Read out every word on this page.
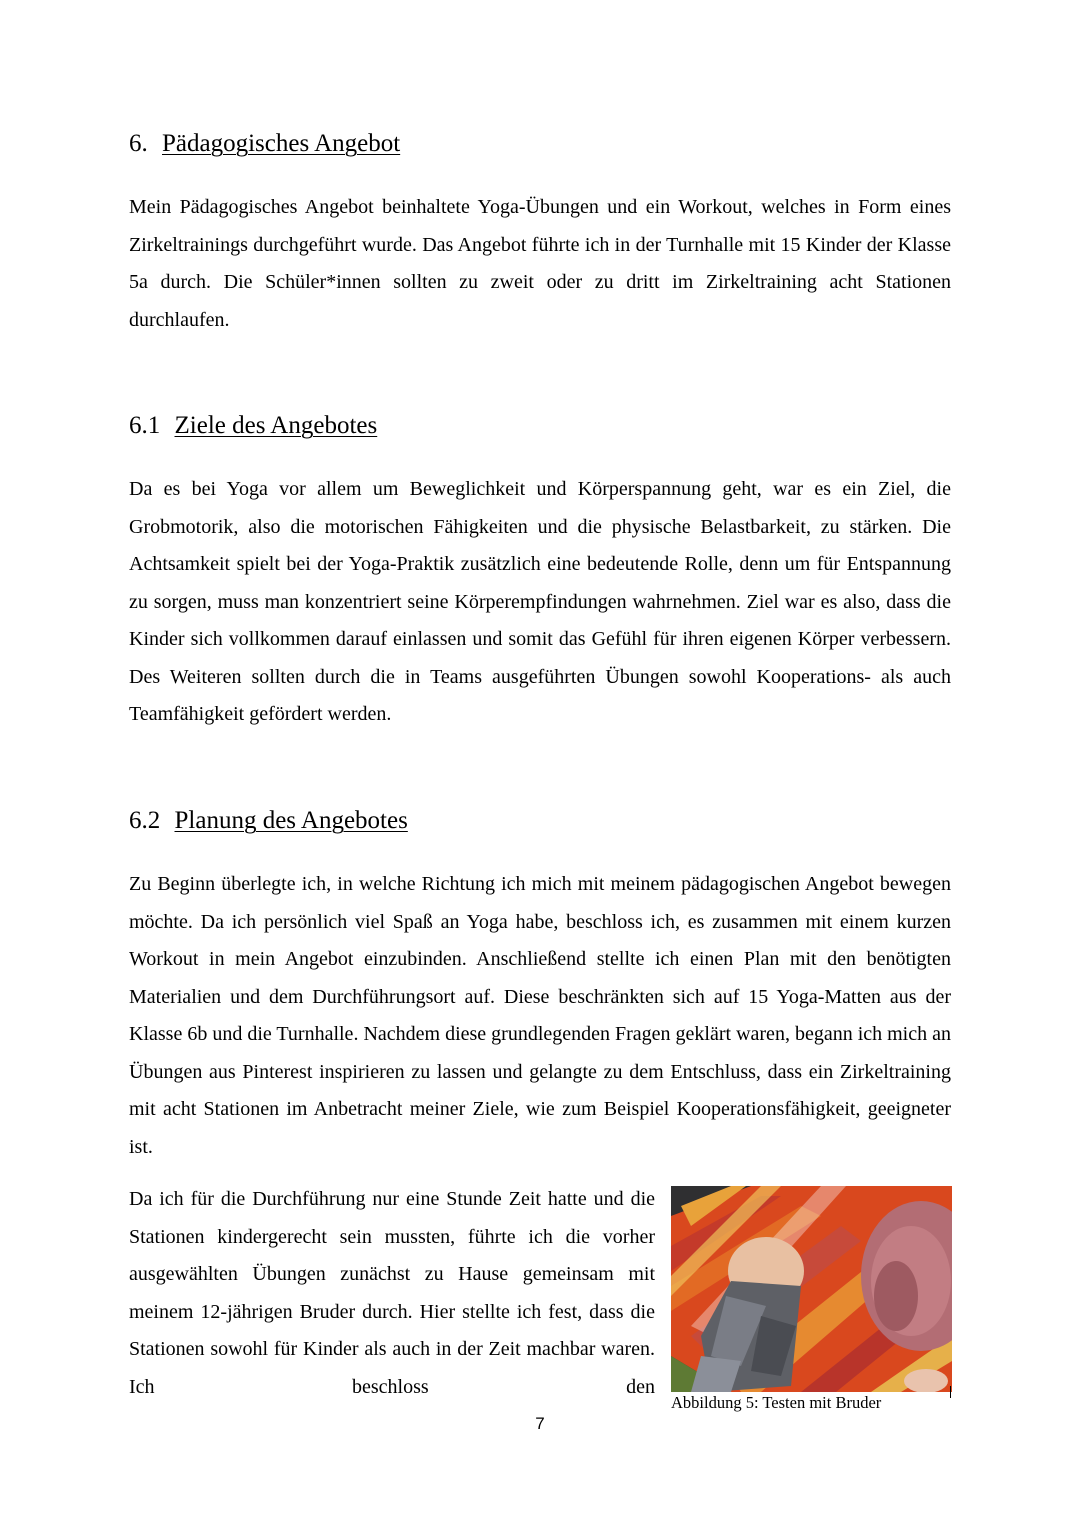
6. Pädagogisches Angebot

Mein Pädagogisches Angebot beinhaltete Yoga-Übungen und ein Workout, welches in Form eines Zirkeltrainings durchgeführt wurde. Das Angebot führte ich in der Turnhalle mit 15 Kinder der Klasse 5a durch. Die Schüler*innen sollten zu zweit oder zu dritt im Zirkeltraining acht Stationen durchlaufen.

6.1 Ziele des Angebotes

Da es bei Yoga vor allem um Beweglichkeit und Körperspannung geht, war es ein Ziel, die Grobmotorik, also die motorischen Fähigkeiten und die physische Belastbarkeit, zu stärken. Die Achtsamkeit spielt bei der Yoga-Praktik zusätzlich eine bedeutende Rolle, denn um für Entspannung zu sorgen, muss man konzentriert seine Körperempfindungen wahrnehmen. Ziel war es also, dass die Kinder sich vollkommen darauf einlassen und somit das Gefühl für ihren eigenen Körper verbessern. Des Weiteren sollten durch die in Teams ausgeführten Übungen sowohl Kooperations- als auch Teamfähigkeit gefördert werden.

6.2 Planung des Angebotes

Zu Beginn überlegte ich, in welche Richtung ich mich mit meinem pädagogischen Angebot bewegen möchte. Da ich persönlich viel Spaß an Yoga habe, beschloss ich, es zusammen mit einem kurzen Workout in mein Angebot einzubinden. Anschließend stellte ich einen Plan mit den benötigten Materialien und dem Durchführungsort auf. Diese beschränkten sich auf 15 Yoga-Matten aus der Klasse 6b und die Turnhalle. Nachdem diese grundlegenden Fragen geklärt waren, begann ich mich an Übungen aus Pinterest inspirieren zu lassen und gelangte zu dem Entschluss, dass ein Zirkeltraining mit acht Stationen im Anbetracht meiner Ziele, wie zum Beispiel Kooperationsfähigkeit, geeigneter ist.

Da ich für die Durchführung nur eine Stunde Zeit hatte und die Stationen kindergerecht sein mussten, führte ich die vorher ausgewählten Übungen zunächst zu Hause gemeinsam mit meinem 12-jährigen Bruder durch. Hier stellte ich fest, dass die Stationen sowohl für Kinder als auch in der Zeit machbar waren. Ich beschloss den

Abbildung 5: Testen mit Bruder

7
